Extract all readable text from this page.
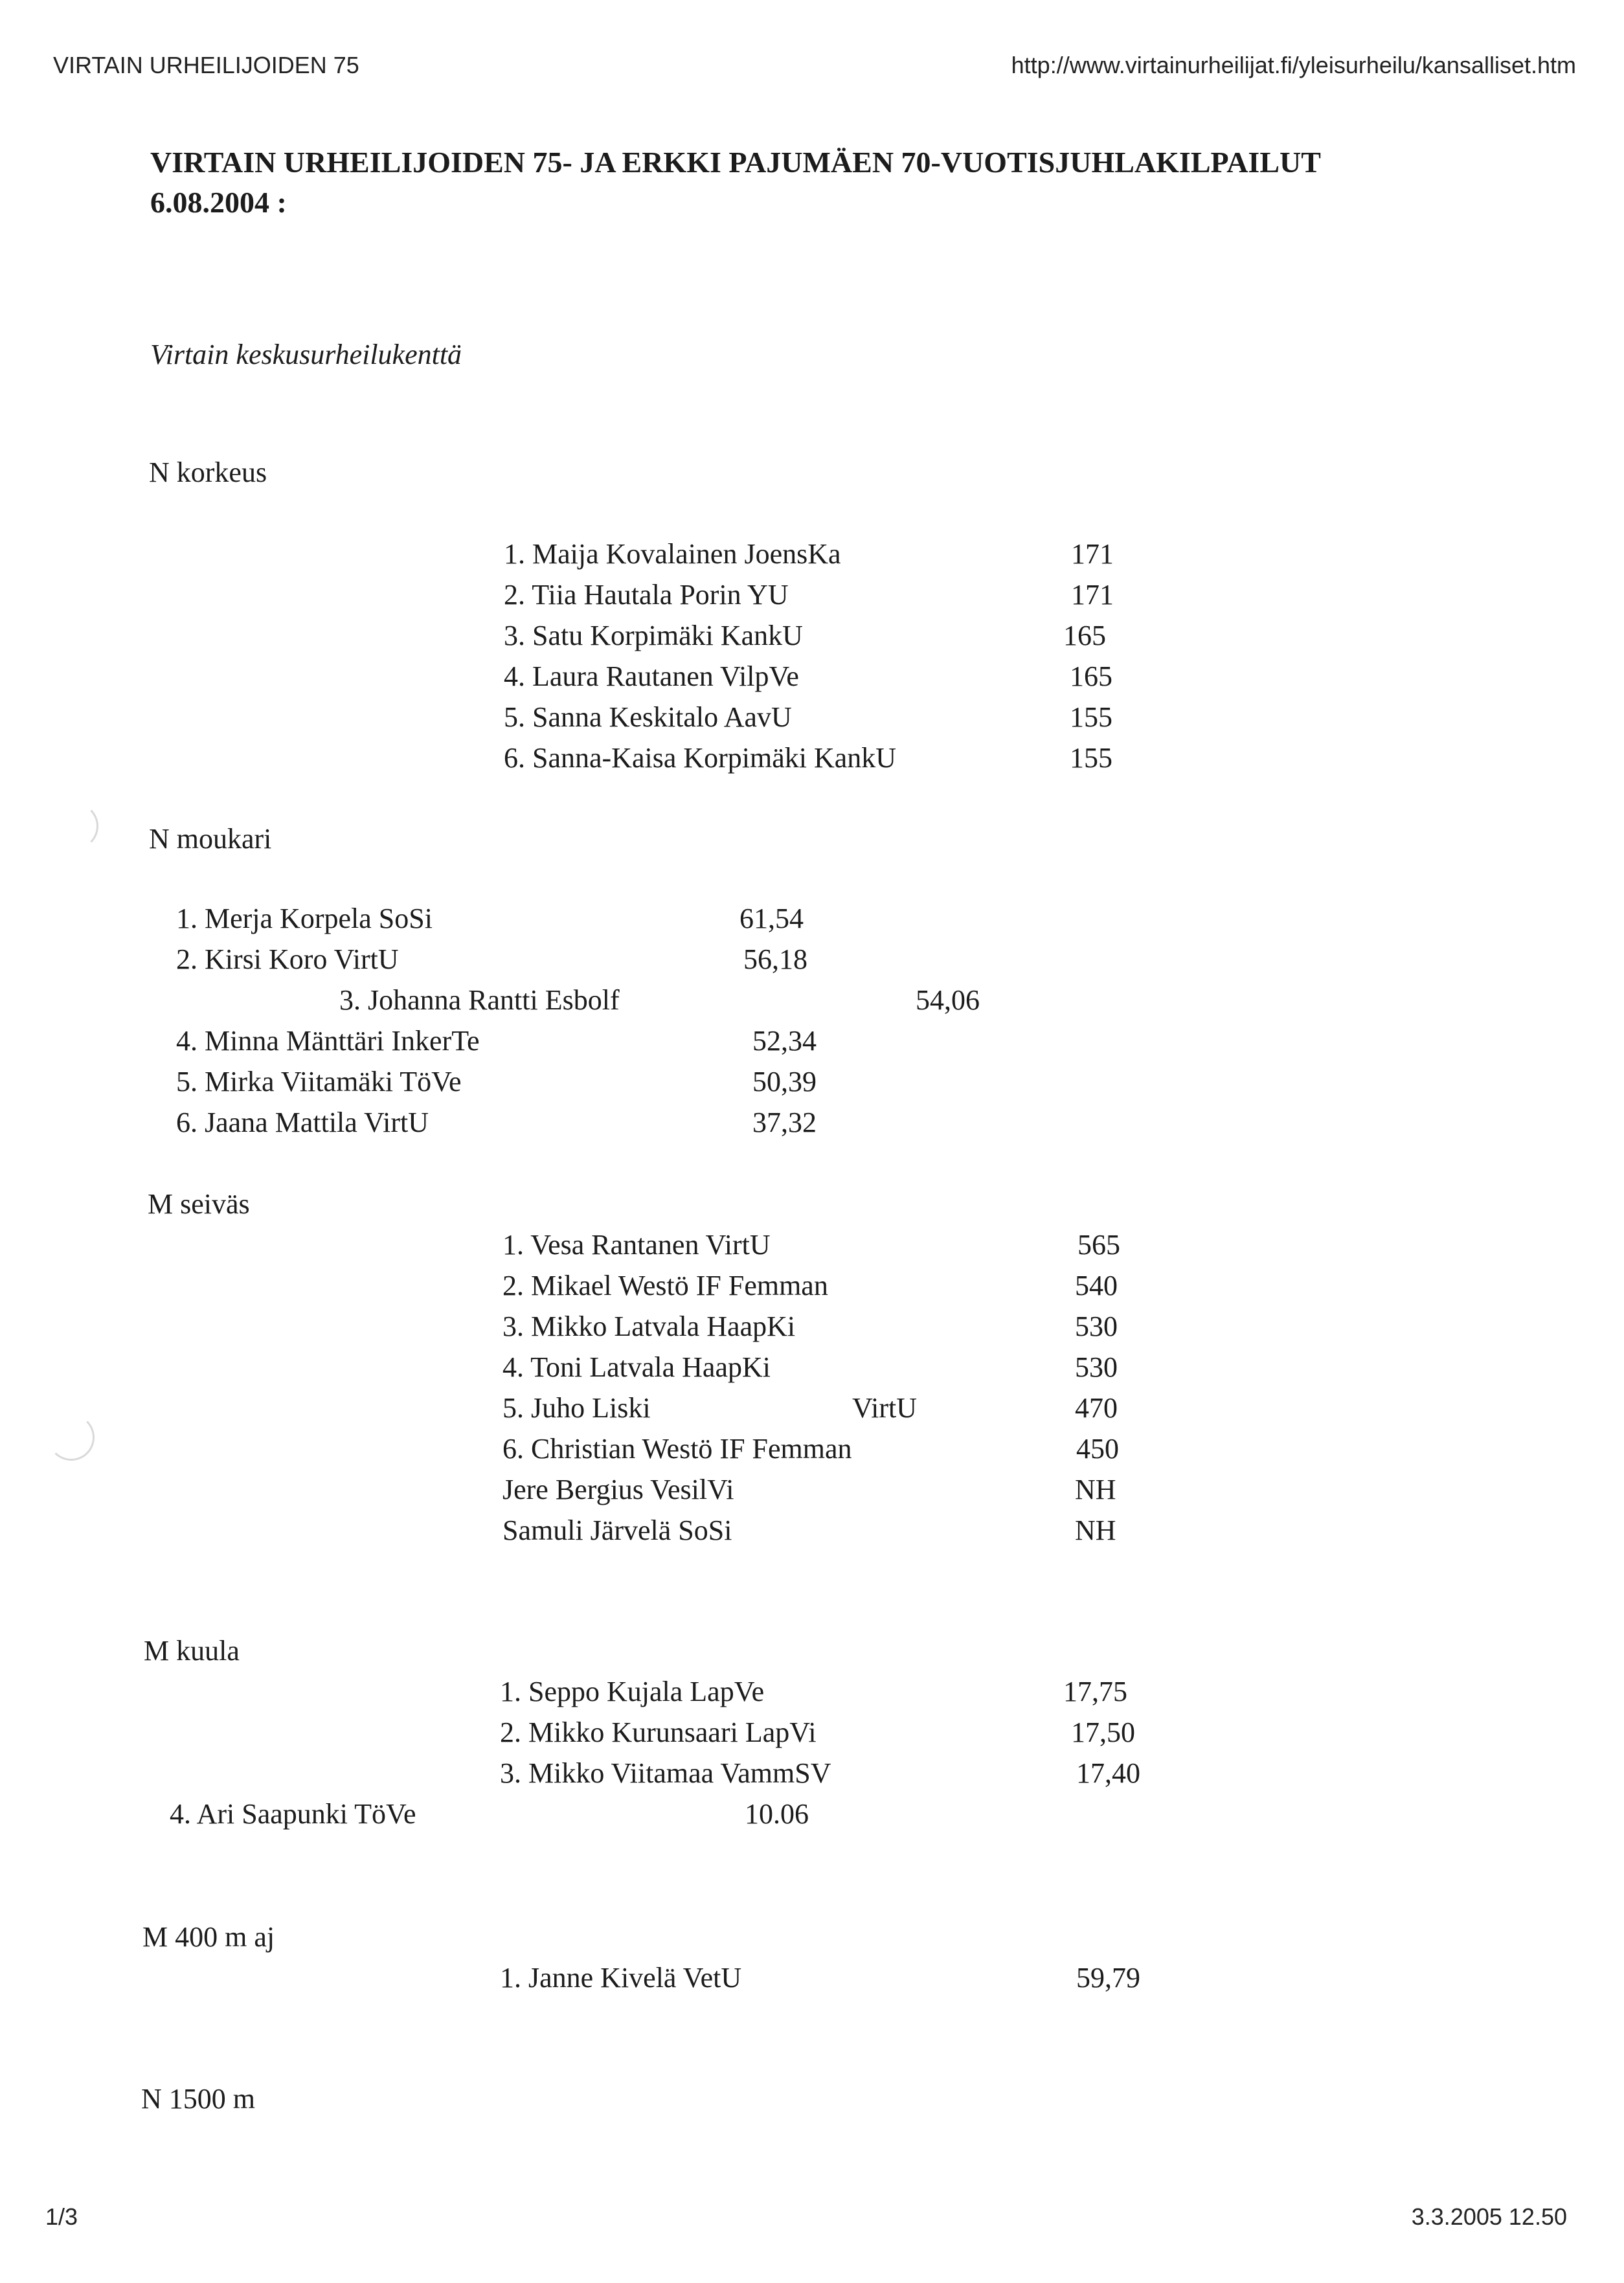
VIRTAIN URHEILIJOIDEN 75	http://www.virtainurheilijat.fi/yleisurheilu/kansalliset.htm
VIRTAIN URHEILIJOIDEN 75- JA ERKKI PAJUMÄEN 70-VUOTISJUHLAKILPAILUT
6.08.2004 :
Virtain keskusurheilukenttä
N korkeus
1. Maija Kovalainen JoensKa	171
2. Tiia Hautala Porin YU	171
3. Satu Korpimäki KankU	165
4. Laura Rautanen VilpVe	165
5. Sanna Keskitalo AavU	155
6. Sanna-Kaisa Korpimäki KankU	155
N moukari
1. Merja Korpela SoSi	61,54
2. Kirsi Koro VirtU	56,18
3. Johanna Rantti Esbolf	54,06
4. Minna Mänttäri InkerTe	52,34
5. Mirka Viitamäki TöVe	50,39
6. Jaana Mattila VirtU	37,32
M seiväs
1. Vesa Rantanen VirtU	565
2. Mikael Westö IF Femman	540
3. Mikko Latvala HaapKi	530
4. Toni Latvala HaapKi	530
5. Juho Liski	VirtU	470
6. Christian Westö IF Femman	450
Jere Bergius VesilVi	NH
Samuli Järvelä SoSi	NH
M kuula
1. Seppo Kujala LapVe	17,75
2. Mikko Kurunsaari LapVi	17,50
3. Mikko Viitamaa VammSV	17,40
4. Ari Saapunki TöVe	10.06
M 400 m aj
1. Janne Kivelä VetU	59,79
N 1500 m
1/3	3.3.2005 12.50
